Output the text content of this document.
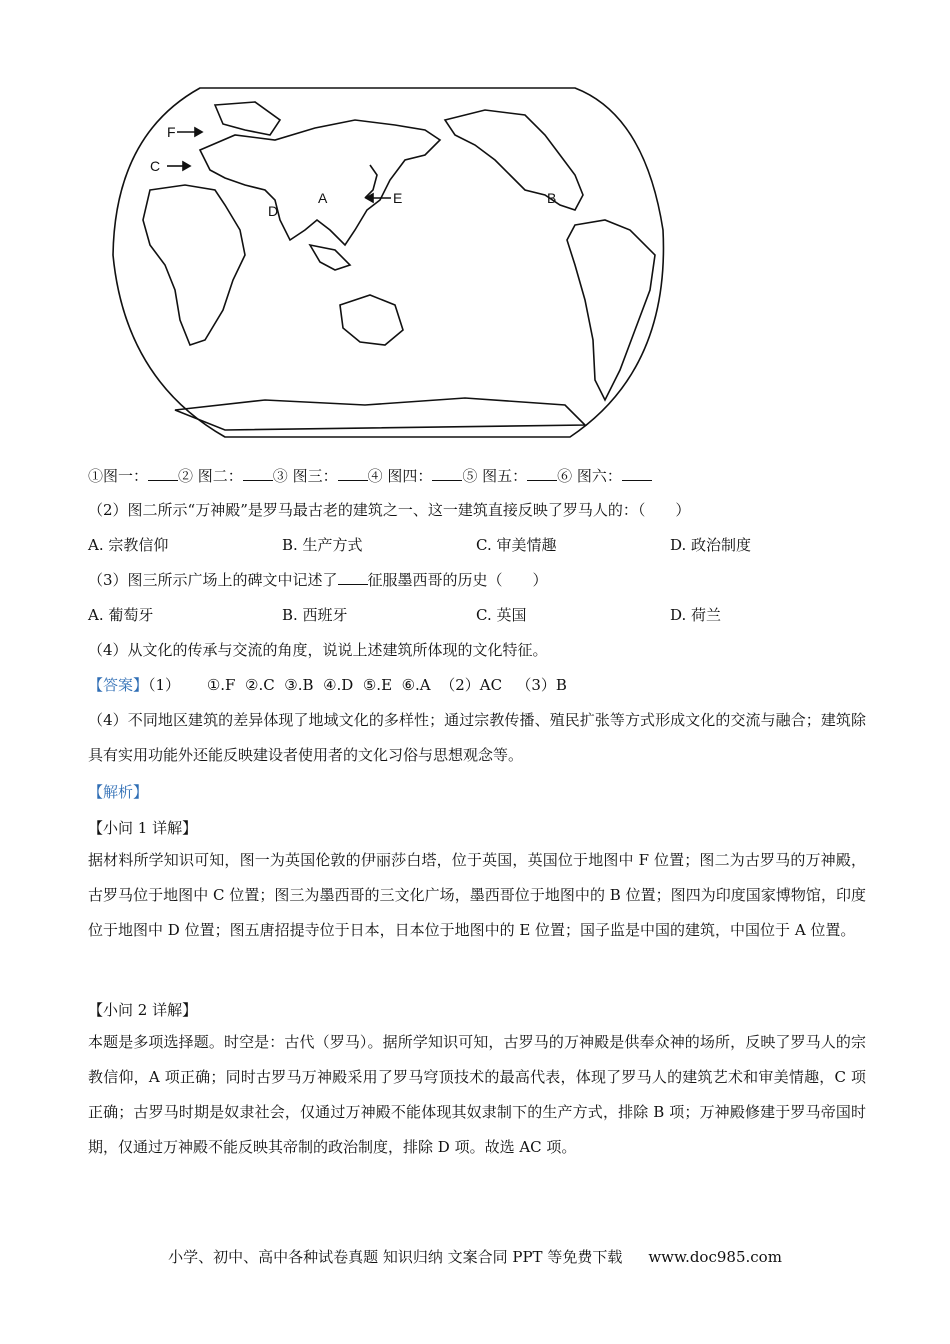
F
C
D
A	E	B
①图一： ② 图二： ③ 图三： ④ 图四： ⑤ 图五： ⑥ 图六：
（2）图二所示“万神殿”是罗马最古老的建筑之一、这一建筑直接反映了罗马人的：（　　）
A. 宗教信仰	B. 生产方式	C. 审美情趣	D. 政治制度
（3）图三所示广场上的碑文中记述了 征服墨西哥的历史（　　）
A. 葡萄牙	B. 西班牙	C. 英国	D. 荷兰
（4）从文化的传承与交流的角度，说说上述建筑所体现的文化特征。
【答案】（1） ①.F ②.C ③.B ④.D ⑤.E ⑥.A （2）AC （3）B
（4）不同地区建筑的差异体现了地域文化的多样性；通过宗教传播、殖民扩张等方式形成文化的交流与融合；建筑除具有实用功能外还能反映建设者使用者的文化习俗与思想观念等。
【解析】
【小问 1 详解】
据材料所学知识可知，图一为英国伦敦的伊丽莎白塔，位于英国，英国位于地图中 F 位置；图二为古罗马的万神殿，古罗马位于地图中 C 位置；图三为墨西哥的三文化广场，墨西哥位于地图中的 B 位置；图四为印度国家博物馆，印度位于地图中 D 位置；图五唐招提寺位于日本，日本位于地图中的 E 位置；国子监是中国的建筑，中国位于 A 位置。
【小问 2 详解】
本题是多项选择题。时空是：古代（罗马）。据所学知识可知，古罗马的万神殿是供奉众神的场所，反映了罗马人的宗教信仰，A 项正确；同时古罗马万神殿采用了罗马穹顶技术的最高代表，体现了罗马人的建筑艺术和审美情趣，C 项正确；古罗马时期是奴隶社会，仅通过万神殿不能体现其奴隶制下的生产方式，排除 B 项；万神殿修建于罗马帝国时期，仅通过万神殿不能反映其帝制的政治制度，排除 D 项。故选 AC 项。
小学、初中、高中各种试卷真题 知识归纳 文案合同 PPT 等免费下载 www.doc985.com
